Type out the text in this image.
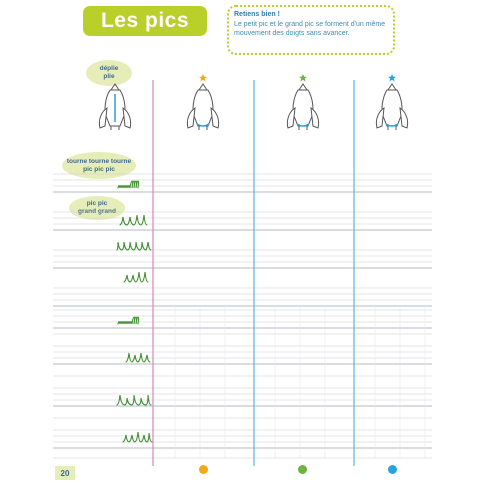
Les pics	Retiens bien !
Le petit pic et le grand pic se forment d'un même mouvement des doigts sans avancer.
déplie
plie
tourne tourne tourne
pic pic pic
pic pic
grand grand
20
